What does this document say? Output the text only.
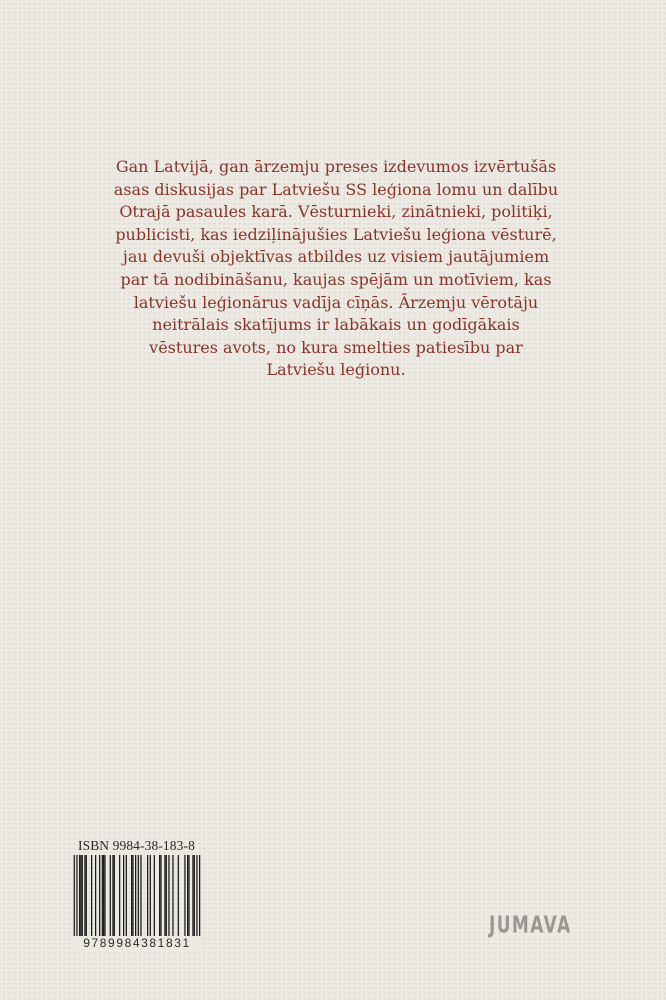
Gan Latvijā, gan ārzemju preses izdevumos izvērtušās
asas diskusijas par Latviešu SS leģiona lomu un dalību
Otrajā pasaules karā. Vēsturnieki, zinātnieki, politiķi,
publicisti, kas iedziļinājušies Latviešu leģiona vēsturē,
jau devuši objektīvas atbildes uz visiem jautājumiem
par tā nodibināšanu, kaujas spējām un motīviem, kas
latviešu leģionārus vadīja cīņās. Ārzemju vērotāju
neitrālais skatījums ir labākais un godīgākais
vēstures avots, no kura smelties patiesību par
Latviešu leģionu.
ISBN 9984-38-183-8
9789984381831
JUMAVA
